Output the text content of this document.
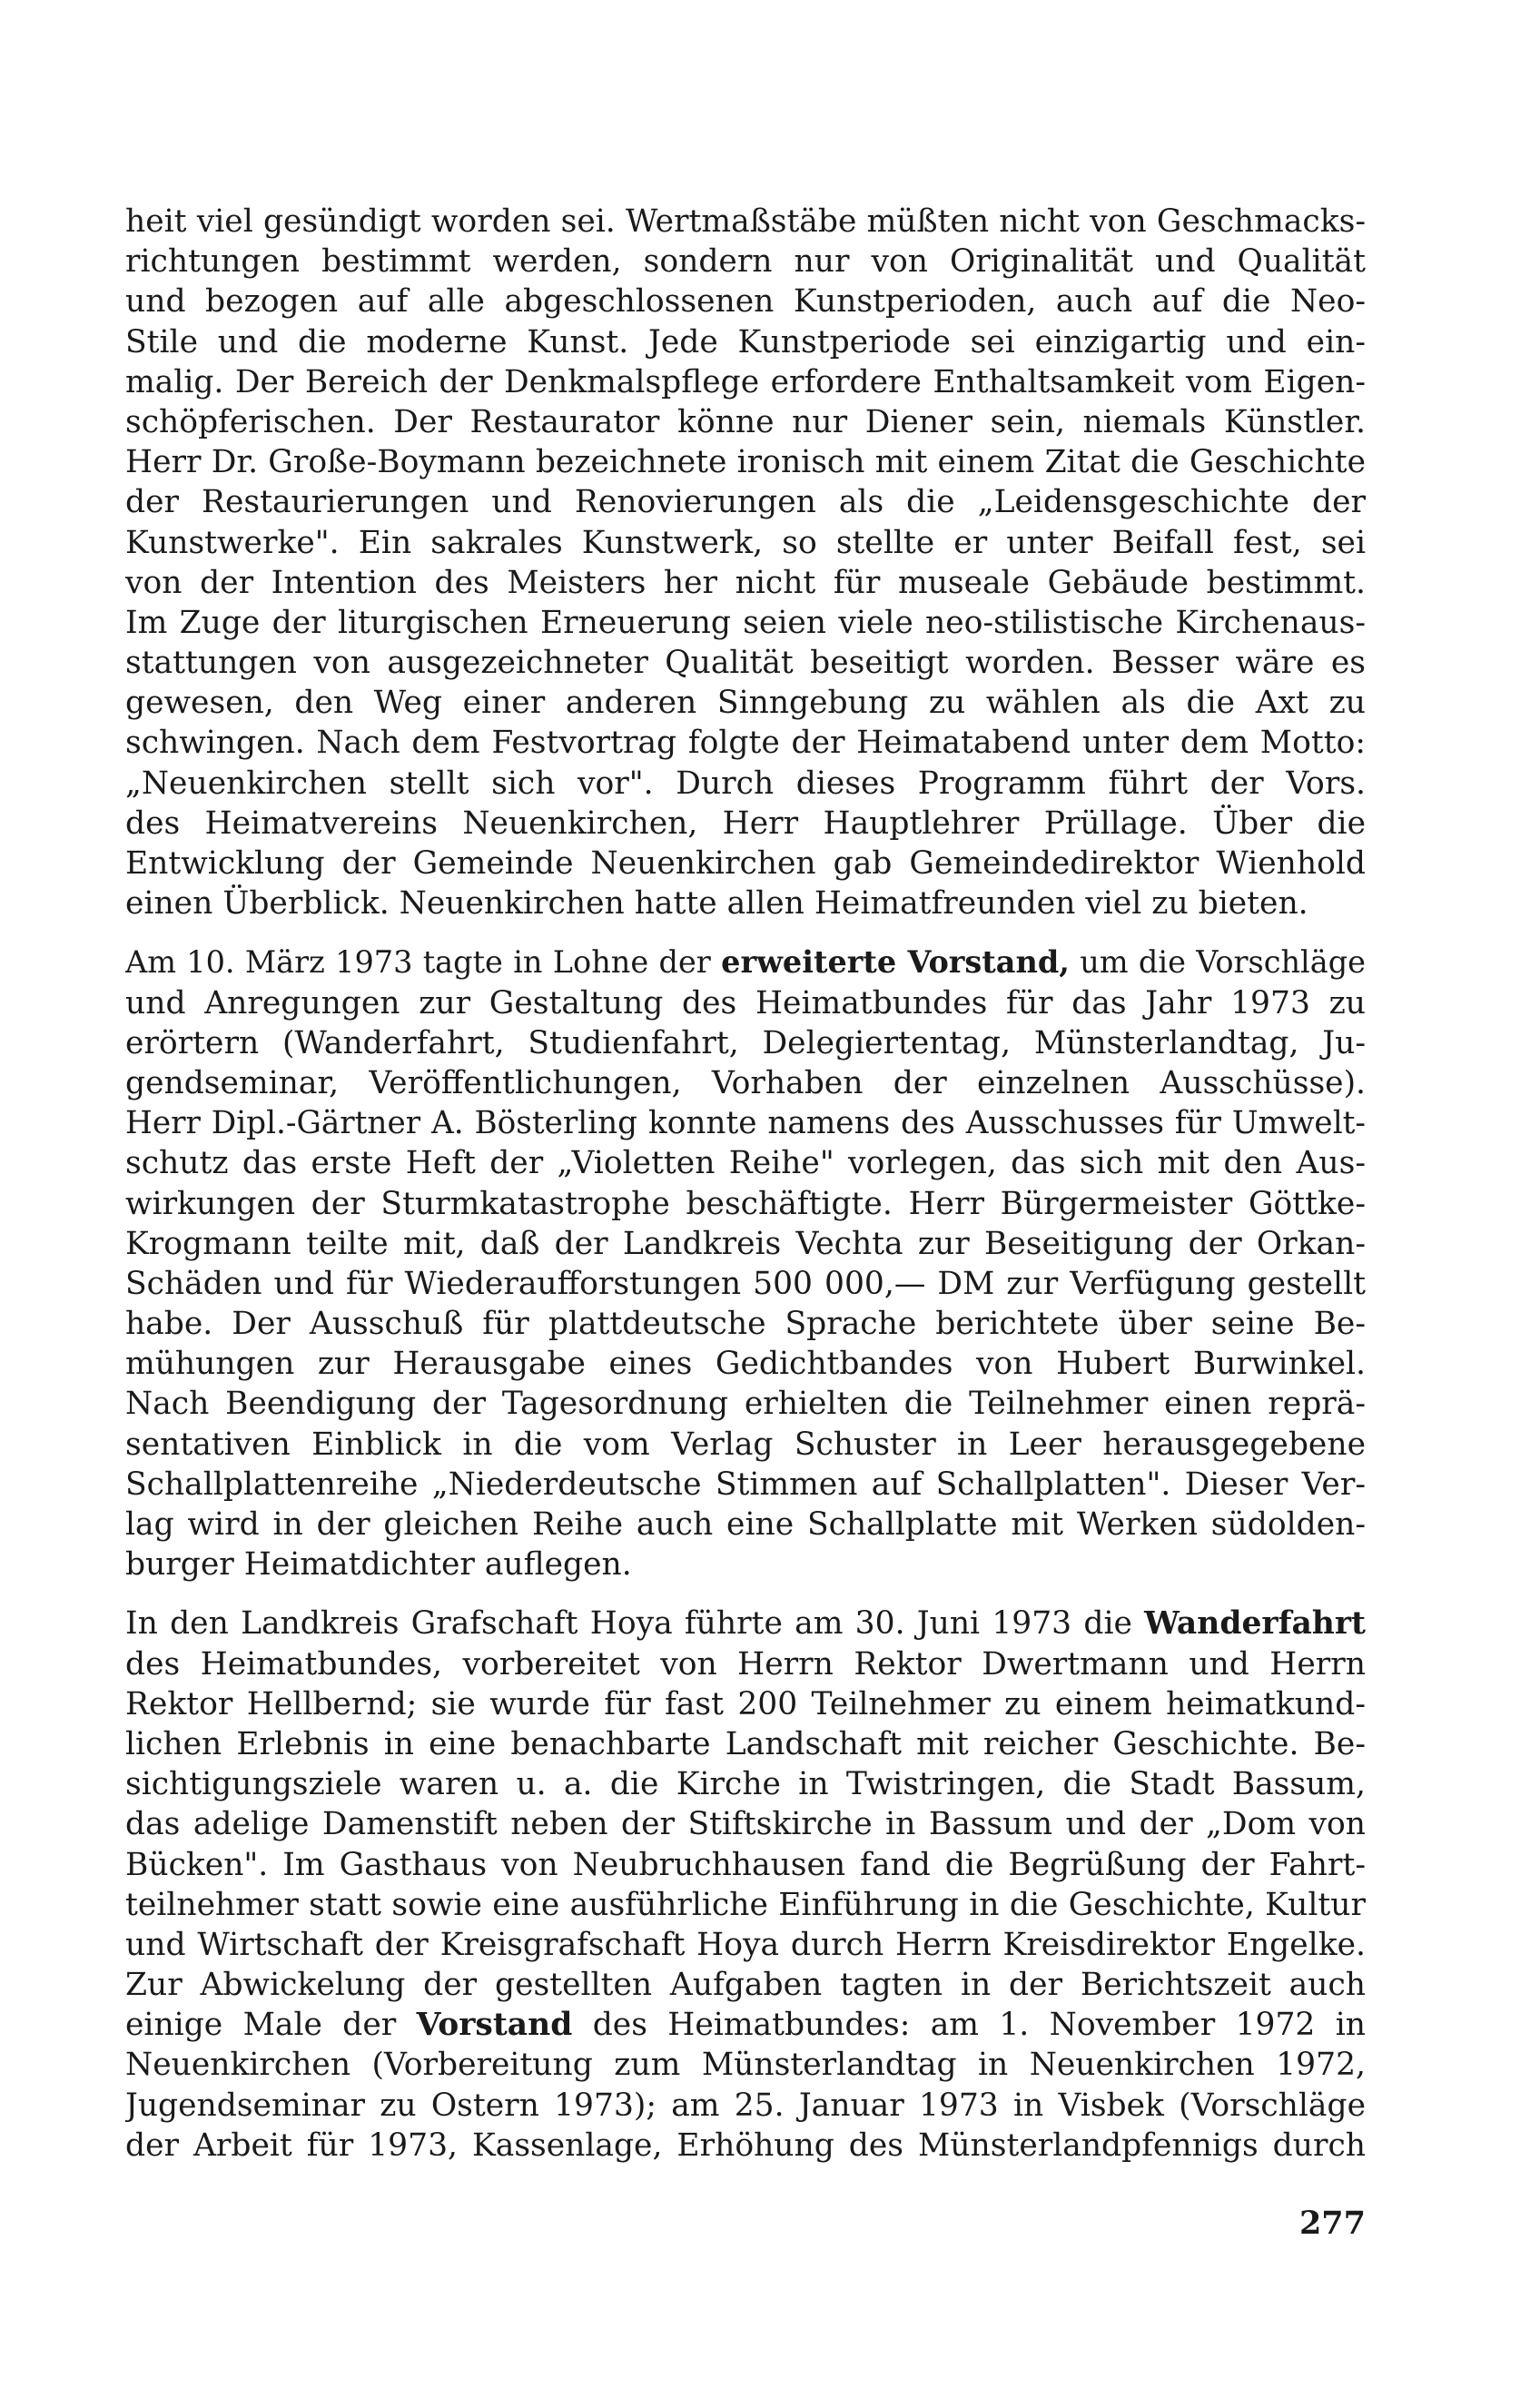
heit viel gesündigt worden sei. Wertmaßstäbe müßten nicht von Geschmacks-
richtungen bestimmt werden, sondern nur von Originalität und Qualität
und bezogen auf alle abgeschlossenen Kunstperioden, auch auf die Neo-
Stile und die moderne Kunst. Jede Kunstperiode sei einzigartig und ein-
malig. Der Bereich der Denkmalspflege erfordere Enthaltsamkeit vom Eigen-
schöpferischen. Der Restaurator könne nur Diener sein, niemals Künstler.
Herr Dr. Große-Boymann bezeichnete ironisch mit einem Zitat die Geschichte
der Restaurierungen und Renovierungen als die „Leidensgeschichte der
Kunstwerke". Ein sakrales Kunstwerk, so stellte er unter Beifall fest, sei
von der Intention des Meisters her nicht für museale Gebäude bestimmt.
Im Zuge der liturgischen Erneuerung seien viele neo-stilistische Kirchenaus-
stattungen von ausgezeichneter Qualität beseitigt worden. Besser wäre es
gewesen, den Weg einer anderen Sinngebung zu wählen als die Axt zu
schwingen. Nach dem Festvortrag folgte der Heimatabend unter dem Motto:
„Neuenkirchen stellt sich vor". Durch dieses Programm führt der Vors.
des Heimatvereins Neuenkirchen, Herr Hauptlehrer Prüllage. Über die
Entwicklung der Gemeinde Neuenkirchen gab Gemeindedirektor Wienhold
einen Überblick. Neuenkirchen hatte allen Heimatfreunden viel zu bieten.
Am 10. März 1973 tagte in Lohne der erweiterte Vorstand, um die Vorschläge
und Anregungen zur Gestaltung des Heimatbundes für das Jahr 1973 zu
erörtern (Wanderfahrt, Studienfahrt, Delegiertentag, Münsterlandtag, Ju-
gendseminar, Veröffentlichungen, Vorhaben der einzelnen Ausschüsse).
Herr Dipl.-Gärtner A. Bösterling konnte namens des Ausschusses für Umwelt-
schutz das erste Heft der „Violetten Reihe" vorlegen, das sich mit den Aus-
wirkungen der Sturmkatastrophe beschäftigte. Herr Bürgermeister Göttke-
Krogmann teilte mit, daß der Landkreis Vechta zur Beseitigung der Orkan-
Schäden und für Wiederaufforstungen 500 000,— DM zur Verfügung gestellt
habe. Der Ausschuß für plattdeutsche Sprache berichtete über seine Be-
mühungen zur Herausgabe eines Gedichtbandes von Hubert Burwinkel.
Nach Beendigung der Tagesordnung erhielten die Teilnehmer einen reprä-
sentativen Einblick in die vom Verlag Schuster in Leer herausgegebene
Schallplattenreihe „Niederdeutsche Stimmen auf Schallplatten". Dieser Ver-
lag wird in der gleichen Reihe auch eine Schallplatte mit Werken südolden-
burger Heimatdichter auflegen.
In den Landkreis Grafschaft Hoya führte am 30. Juni 1973 die Wanderfahrt
des Heimatbundes, vorbereitet von Herrn Rektor Dwertmann und Herrn
Rektor Hellbernd; sie wurde für fast 200 Teilnehmer zu einem heimatkund-
lichen Erlebnis in eine benachbarte Landschaft mit reicher Geschichte. Be-
sichtigungsziele waren u. a. die Kirche in Twistringen, die Stadt Bassum,
das adelige Damenstift neben der Stiftskirche in Bassum und der „Dom von
Bücken". Im Gasthaus von Neubruchhausen fand die Begrüßung der Fahrt-
teilnehmer statt sowie eine ausführliche Einführung in die Geschichte, Kultur
und Wirtschaft der Kreisgrafschaft Hoya durch Herrn Kreisdirektor Engelke.
Zur Abwickelung der gestellten Aufgaben tagten in der Berichtszeit auch
einige Male der Vorstand des Heimatbundes: am 1. November 1972 in
Neuenkirchen (Vorbereitung zum Münsterlandtag in Neuenkirchen 1972,
Jugendseminar zu Ostern 1973); am 25. Januar 1973 in Visbek (Vorschläge
der Arbeit für 1973, Kassenlage, Erhöhung des Münsterlandpfennigs durch
277
